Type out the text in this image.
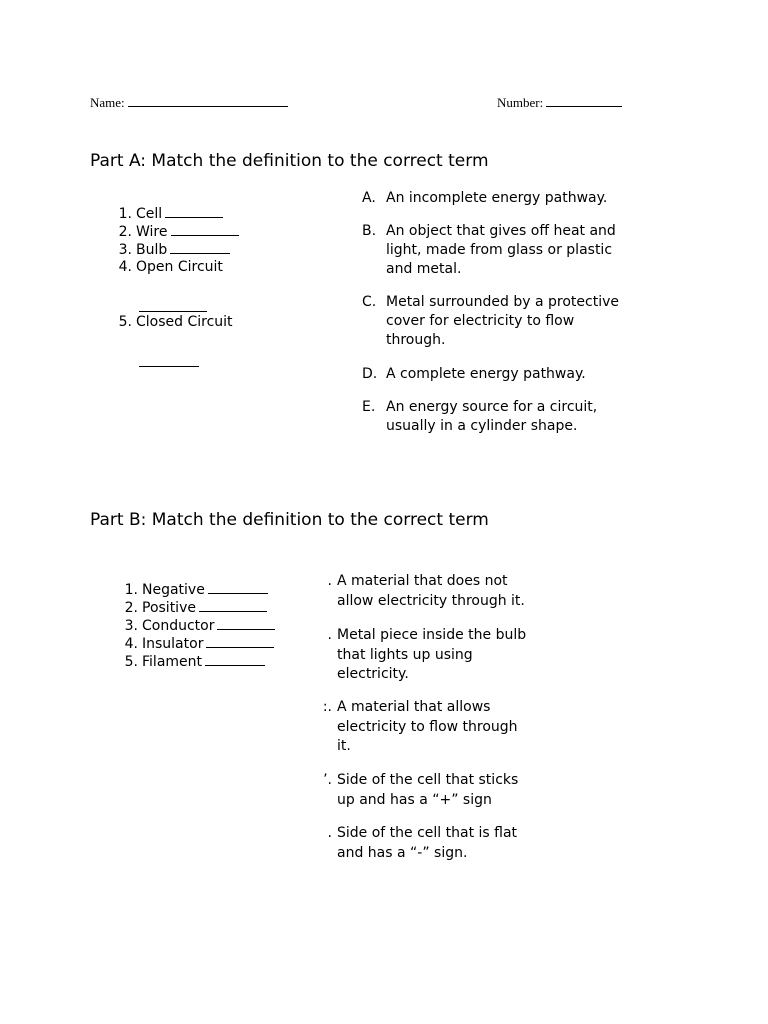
Name:	Number:
Part A: Match the definition to the correct term
1. Cell
2. Wire
3. Bulb
4. Open Circuit
5. Closed Circuit
A. An incomplete energy pathway.
B. An object that gives off heat and light, made from glass or plastic and metal.
C. Metal surrounded by a protective cover for electricity to flow through.
D. A complete energy pathway.
E. An energy source for a circuit, usually in a cylinder shape.
Part B: Match the definition to the correct term
1. Negative
2. Positive
3. Conductor
4. Insulator
5. Filament
. A material that does not allow electricity through it.
. Metal piece inside the bulb that lights up using electricity.
:. A material that allows electricity to flow through it.
’. Side of the cell that sticks up and has a “+” sign
. Side of the cell that is flat and has a “-” sign.
